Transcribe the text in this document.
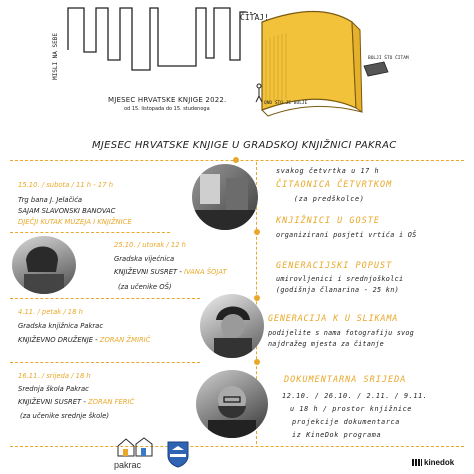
MISLI NA SEBE
ČITAJ!
MJESEC HRVATSKE KNJIGE 2022.
od 15. listopada do 15. studenoga
BOLJI ŠTO ČITAM
ONO ŠTO JE BOLJE
MJESEC HRVATSKE KNJIGE U GRADSKOJ KNJIŽNICI PAKRAC
15.10. / subota / 11 h - 17 h
Trg bana J. Jelačića
SAJAM SLAVONSKI BANOVAC
DJEČJI KUTAK MUZEJA I KNJIŽNICE
25.10. / utorak / 12 h
Gradska vijećnica
KNJIŽEVNI SUSRET - IVANA ŠOJAT
(za učenike OŠ)
4.11. / petak / 18 h
Gradska knjižnica Pakrac
KNJIŽEVNO DRUŽENJE - ZORAN ŽMIRIĆ
16.11. / srijeda / 18 h
Srednja škola Pakrac
KNJIŽEVNI SUSRET - ZORAN FERIĆ
(za učenike srednje škole)
svakog četvrtka u 17 h
ČITAONICA ČETVRTKOM
(za predškolce)
KNJIŽNICI U GOSTE
organizirani posjeti vrtića i OŠ
GENERACIJSKI POPUST
umirovljenici i srednjoškolci
(godišnja članarina - 25 kn)
GENERACIJA K U SLIKAMA
podijelite s nama fotografiju svog
najdražeg mjesta za čitanje
DOKUMENTARNA SRIJEDA
12.10. / 26.10. / 2.11. / 9.11.
u 18 h / prostor knjižnice
projekcije dokumentarca
iz KineDok programa
pakrac	kinedok
